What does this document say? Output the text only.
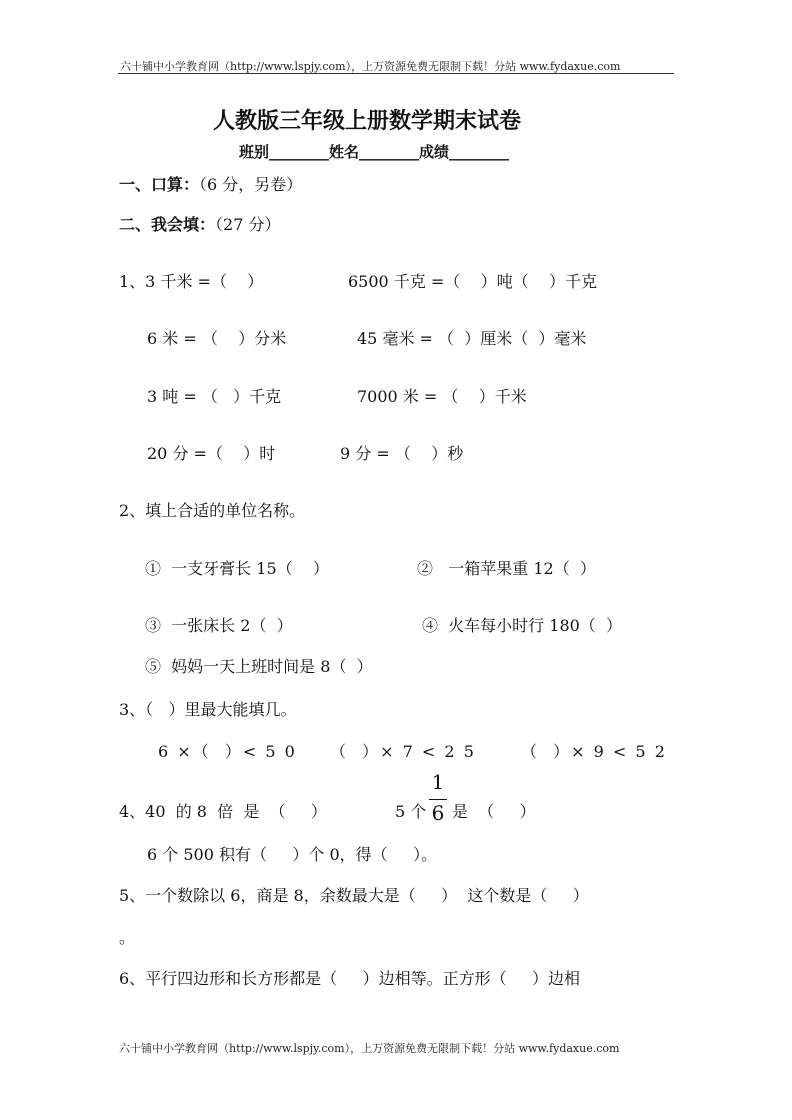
六十铺中小学教育网（http://www.lspjy.com），上万资源免费无限制下载！分站 www.fydaxue.com
人教版三年级上册数学期末试卷
班别________姓名________成绩________
一、口算：（6 分，另卷）
二、我会填：（27 分）
1、3 千米 =（    ）	6500 千克 =（    ）吨（    ）千克
6 米 = （    ）分米	45 毫米 = （  ）厘米（  ）毫米
3 吨 = （   ）千克	7000 米 = （    ）千米
20 分 =（    ）时	9 分 = （    ）秒
2、填上合适的单位名称。
①  一支牙膏长 15（    ）	②   一箱苹果重 12（  ）
③  一张床长 2（  ）	④  火车每小时行 180（  ）
⑤  妈妈一天上班时间是 8（  ）
3、（   ）里最大能填几。
6 ×（  ）< 5 0 （  ）× 7 < 2 5	（  ）× 9 < 5 2
4、40  的 8  倍  是  （     ）	5 个
1
6 是  （     ）
6 个 500 积有（     ）个 0，得（     ）。
5、一个数除以 6，商是 8，余数最大是（     ）  这个数是（     ）
。
6、平行四边形和长方形都是（     ）边相等。正方形（     ）边相
六十铺中小学教育网（http://www.lspjy.com），上万资源免费无限制下载！分站 www.fydaxue.com
